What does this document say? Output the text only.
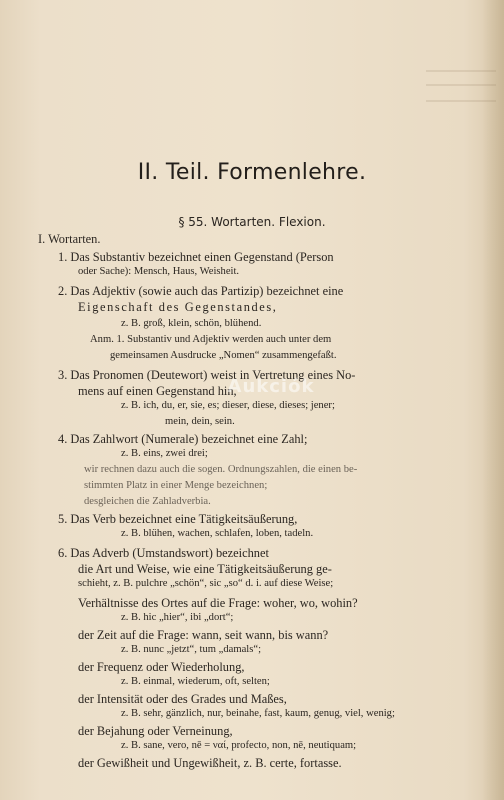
II. Teil. Formenlehre.
§ 55. Wortarten. Flexion.
I. Wortarten.
1. Das Substantiv bezeichnet einen Gegenstand (Person
oder Sache): Mensch, Haus, Weisheit.
2. Das Adjektiv (sowie auch das Partizip) bezeichnet eine
Eigenschaft des Gegenstandes,
z. B. groß, klein, schön, blühend.
Anm. 1. Substantiv und Adjektiv werden auch unter dem
gemeinsamen Ausdrucke „Nomen“ zusammengefaßt.
3. Das Pronomen (Deutewort) weist in Vertretung eines No-
mens auf einen Gegenstand hin,
z. B. ich, du, er, sie, es; dieser, diese, dieses; jener;
mein, dein, sein.
4. Das Zahlwort (Numerale) bezeichnet eine Zahl;
z. B. eins, zwei drei;
wir rechnen dazu auch die sogen. Ordnungszahlen, die einen be-
stimmten Platz in einer Menge bezeichnen;
desgleichen die Zahladverbia.
5. Das Verb bezeichnet eine Tätigkeitsäußerung,
z. B. blühen, wachen, schlafen, loben, tadeln.
6. Das Adverb (Umstandswort) bezeichnet
die Art und Weise, wie eine Tätigkeitsäußerung ge-
schieht, z. B. pulchre „schön“, sic „so“ d. i. auf diese Weise;
Verhältnisse des Ortes auf die Frage: woher, wo, wohin?
z. B. hic „hier“, ibi „dort“;
der Zeit auf die Frage: wann, seit wann, bis wann?
z. B. nunc „jetzt“, tum „damals“;
der Frequenz oder Wiederholung,
z. B. einmal, wiederum, oft, selten;
der Intensität oder des Grades und Maßes,
z. B. sehr, gänzlich, nur, beinahe, fast, kaum, genug, viel, wenig;
der Bejahung oder Verneinung,
z. B. sane, vero, nē = ναί, profecto, non, nē, neutiquam;
der Gewißheit und Ungewißheit, z. B. certe, fortasse.
Aukciók
